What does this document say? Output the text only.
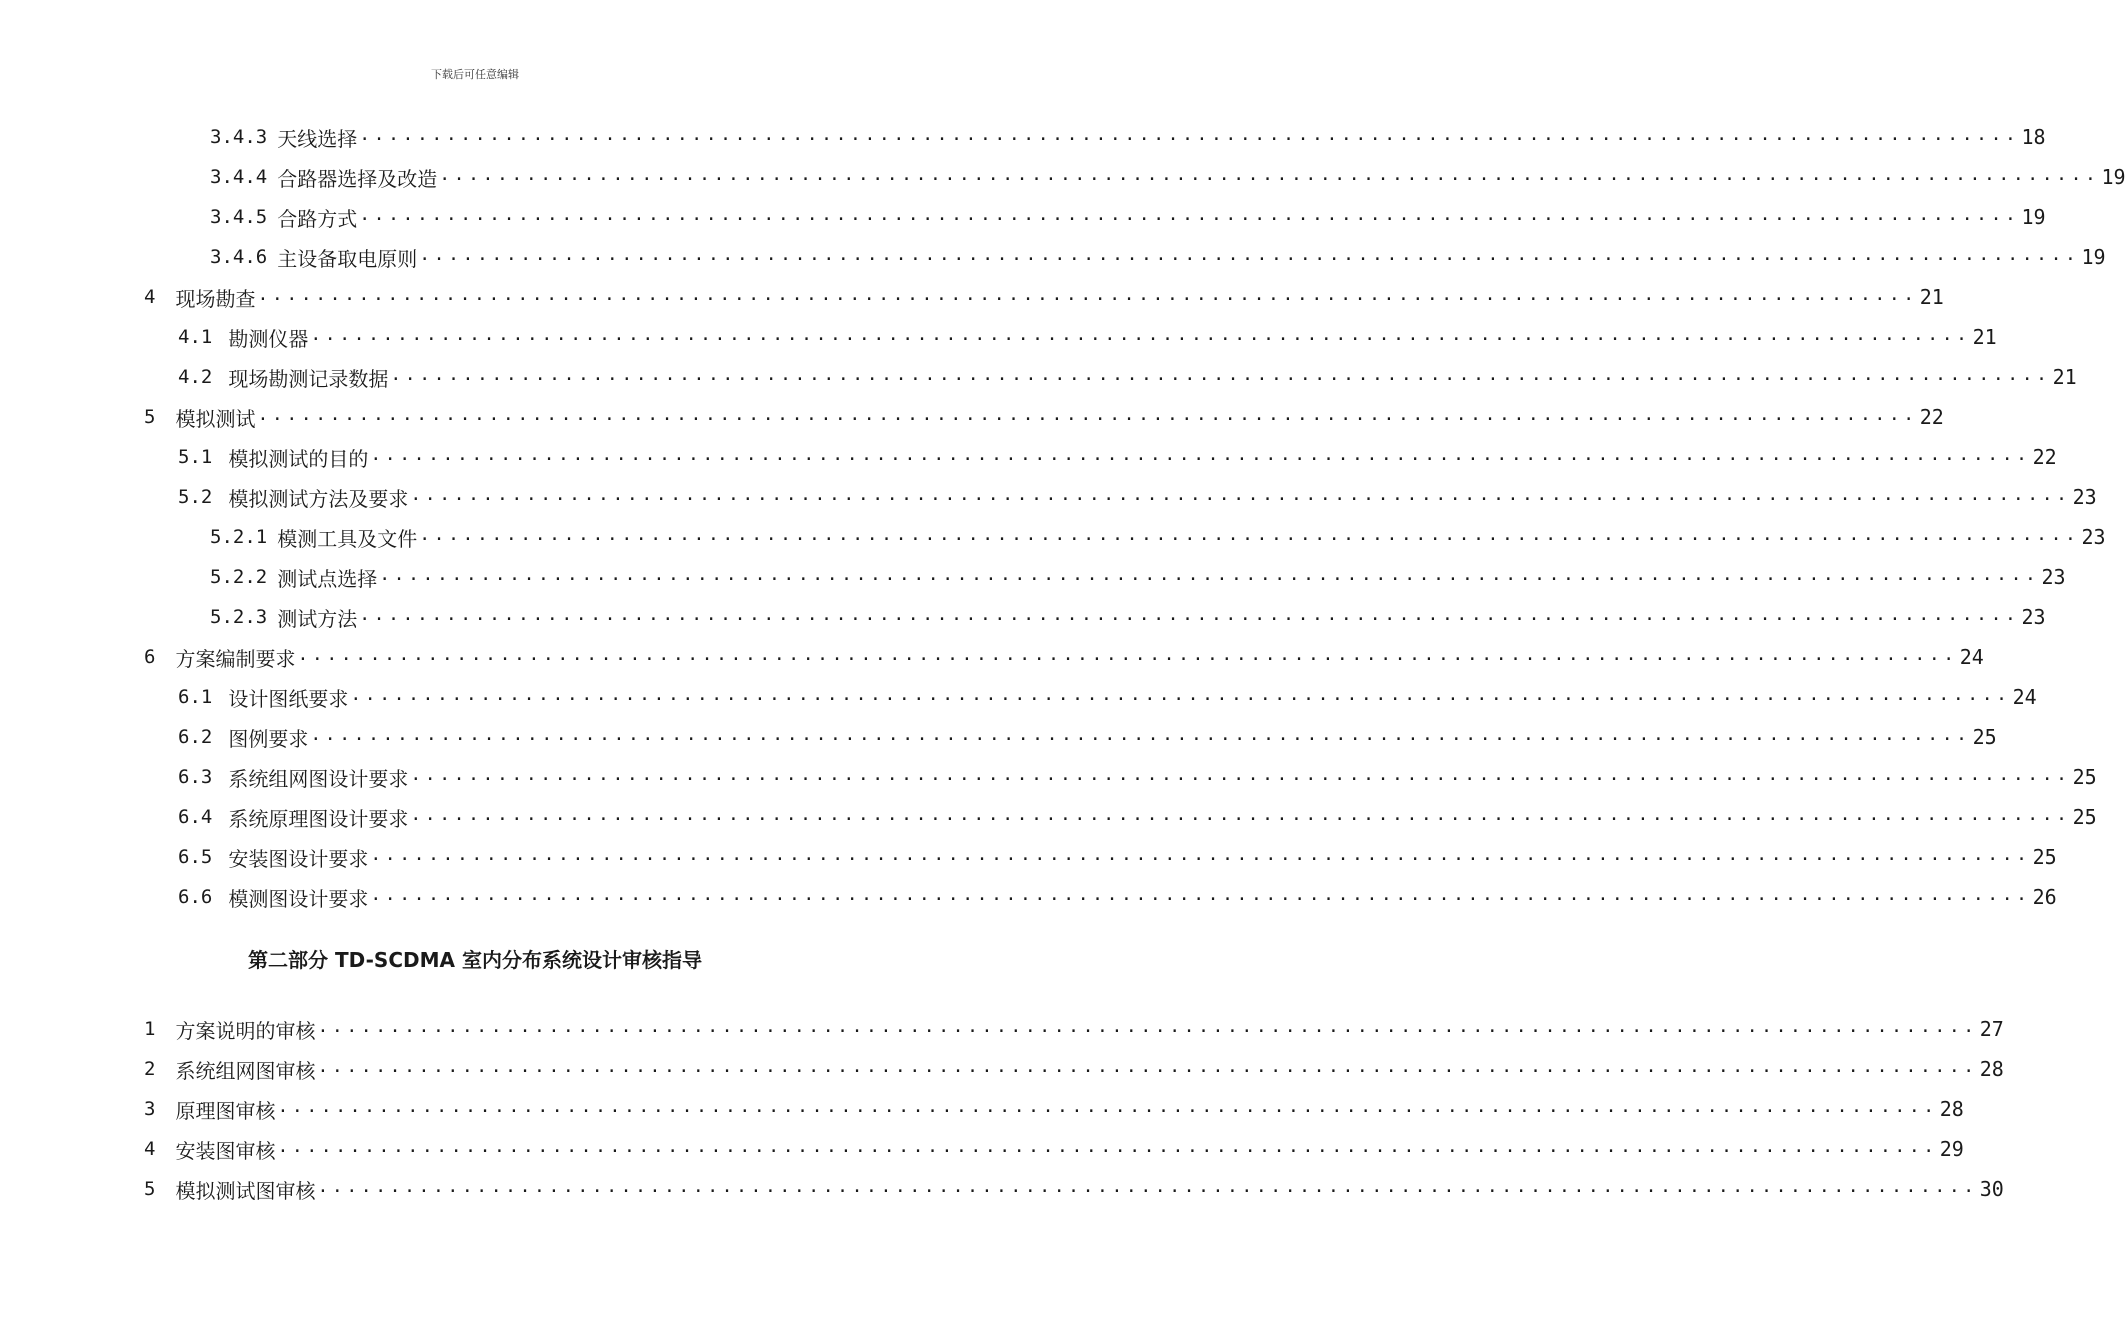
下载后可任意编辑
3.4.3 天线选择 ................................................................................................................... 18
3.4.4 合路器选择及改造 ................................................................................................................... 19
3.4.5 合路方式 ................................................................................................................... 19
3.4.6 主设备取电原则 ................................................................................................................... 19
4 现场勘查 ................................................................................................................... 21
4.1 勘测仪器 ................................................................................................................... 21
4.2 现场勘测记录数据 ................................................................................................................... 21
5 模拟测试 ................................................................................................................... 22
5.1 模拟测试的目的 ................................................................................................................... 22
5.2 模拟测试方法及要求 ................................................................................................................... 23
5.2.1 模测工具及文件 ................................................................................................................... 23
5.2.2 测试点选择 ................................................................................................................... 23
5.2.3 测试方法 ................................................................................................................... 23
6 方案编制要求 ................................................................................................................... 24
6.1 设计图纸要求 ................................................................................................................... 24
6.2 图例要求 ................................................................................................................... 25
6.3 系统组网图设计要求 ................................................................................................................... 25
6.4 系统原理图设计要求 ................................................................................................................... 25
6.5 安装图设计要求 ................................................................................................................... 25
6.6 模测图设计要求 ................................................................................................................... 26
第二部分 TD-SCDMA 室内分布系统设计审核指导
1 方案说明的审核 ................................................................................................................... 27
2 系统组网图审核 ................................................................................................................... 28
3 原理图审核 ................................................................................................................... 28
4 安装图审核 ................................................................................................................... 29
5 模拟测试图审核 ................................................................................................................... 30
